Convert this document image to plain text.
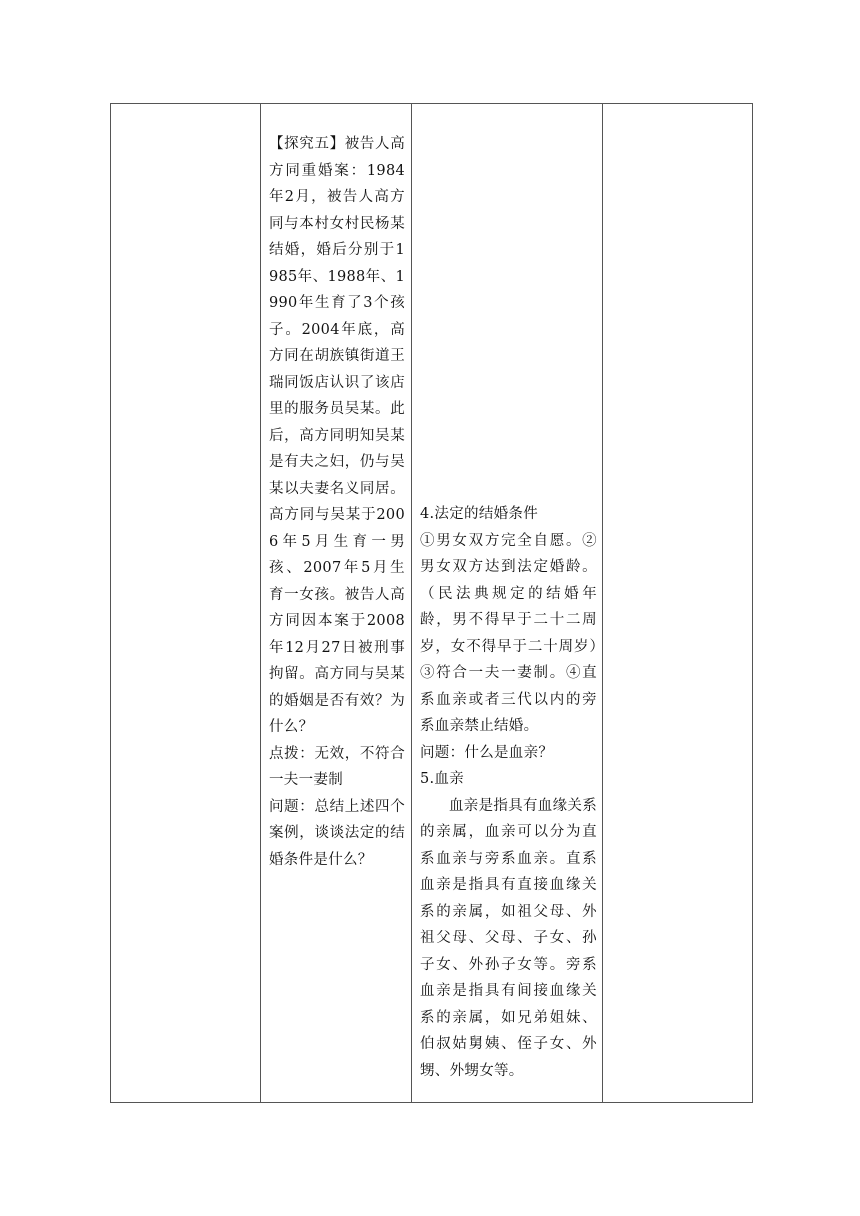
【探究五】被告人高方同重婚案：1984年2月，被告人高方同与本村女村民杨某结婚，婚后分别于1985年、1988年、1990年生育了3个孩子。2004年底，高方同在胡族镇街道王瑞同饭店认识了该店里的服务员吴某。此后，高方同明知吴某是有夫之妇，仍与吴某以夫妻名义同居。高方同与吴某于2006年5月生育一男孩、2007年5月生育一女孩。被告人高方同因本案于2008年12月27日被刑事拘留。高方同与吴某的婚姻是否有效？为什么？
点拨：无效，不符合一夫一妻制
问题：总结上述四个案例，谈谈法定的结婚条件是什么？

4.法定的结婚条件
①男女双方完全自愿。②男女双方达到法定婚龄。（民法典规定的结婚年龄，男不得早于二十二周岁，女不得早于二十周岁）③符合一夫一妻制。④直系血亲或者三代以内的旁系血亲禁止结婚。
问题：什么是血亲？
5.血亲
血亲是指具有血缘关系的亲属，血亲可以分为直系血亲与旁系血亲。直系血亲是指具有直接血缘关系的亲属，如祖父母、外祖父母、父母、子女、孙子女、外孙子女等。旁系血亲是指具有间接血缘关系的亲属，如兄弟姐妹、伯叔姑舅姨、侄子女、外甥、外甥女等。
